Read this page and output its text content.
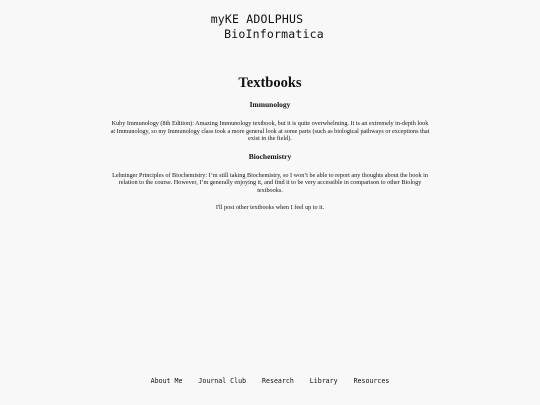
myKE ADOLPHUS
BioInformatica
Textbooks
Immunology
Kuby Immunology (8th Edition): Amazing Immunology textbook, but it is quite overwhelming. It is an extremely in-depth look at Immunology, so my Immunology class took a more general look at some parts (such as biological pathways or exceptions that exist in the field).
Biochemistry
Lehninger Principles of Biochemistry: I’m still taking Biochemistry, so I won’t be able to report any thoughts about the book in relation to the course. However, I’m generally enjoying it, and find it to be very accessible in comparison to other Biology textbooks.
I'll post other textbooks when I feel up to it.
About Me Journal Club Research Library Resources
